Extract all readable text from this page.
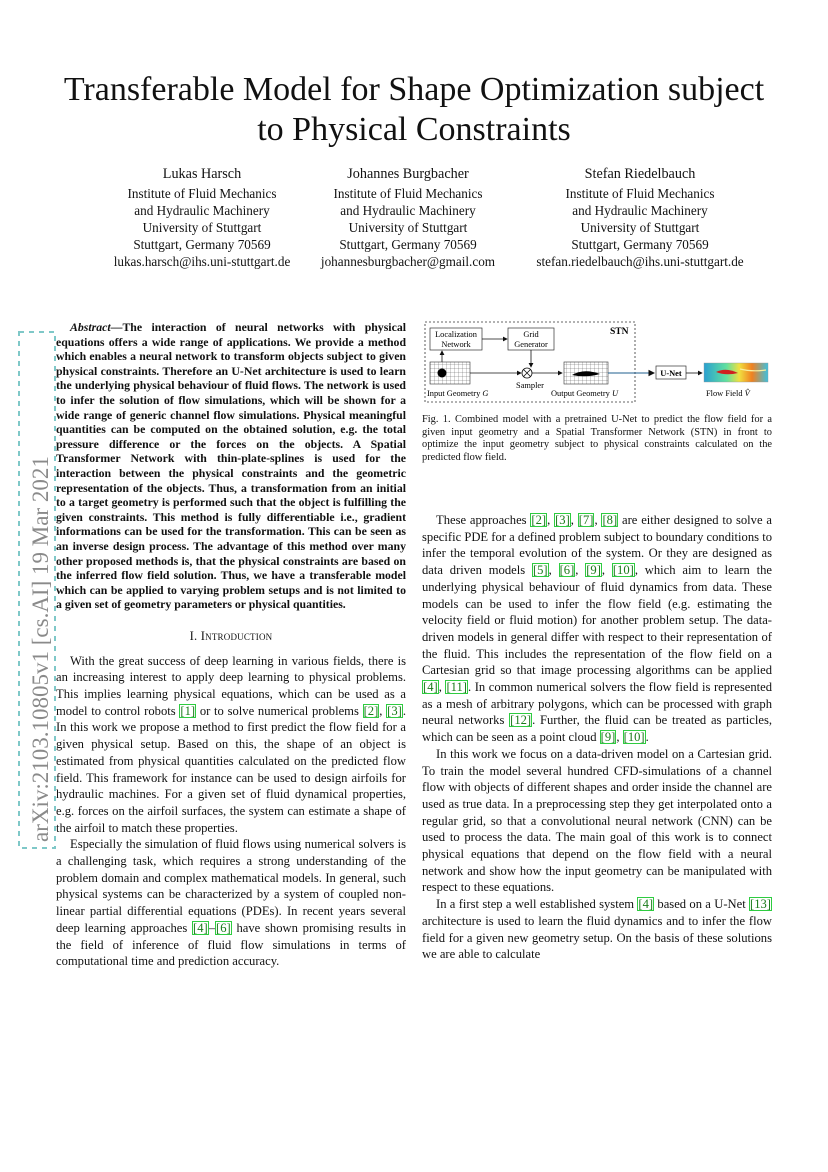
arXiv:2103.10805v1 [cs.AI] 19 Mar 2021
Transferable Model for Shape Optimization subject
to Physical Constraints
Lukas Harsch
Institute of Fluid Mechanics
and Hydraulic Machinery
University of Stuttgart
Stuttgart, Germany 70569
lukas.harsch@ihs.uni-stuttgart.de
Johannes Burgbacher
Institute of Fluid Mechanics
and Hydraulic Machinery
University of Stuttgart
Stuttgart, Germany 70569
johannesburgbacher@gmail.com
Stefan Riedelbauch
Institute of Fluid Mechanics
and Hydraulic Machinery
University of Stuttgart
Stuttgart, Germany 70569
stefan.riedelbauch@ihs.uni-stuttgart.de

Abstract—The interaction of neural networks with physical equations offers a wide range of applications. We provide a method which enables a neural network to transform objects subject to given physical constraints. Therefore an U-Net architecture is used to learn the underlying physical behaviour of fluid flows. The network is used to infer the solution of flow simulations, which will be shown for a wide range of generic channel flow simulations. Physical meaningful quantities can be computed on the obtained solution, e.g. the total pressure difference or the forces on the objects. A Spatial Transformer Network with thin-plate-splines is used for the interaction between the physical constraints and the geometric representation of the objects. Thus, a transformation from an initial to a target geometry is performed such that the object is fulfilling the given constraints. This method is fully differentiable i.e., gradient informations can be used for the transformation. This can be seen as an inverse design process. The advantage of this method over many other proposed methods is, that the physical constraints are based on the inferred flow field solution. Thus, we have a transferable model which can be applied to varying problem setups and is not limited to a given set of geometry parameters or physical quantities.

I. Introduction

With the great success of deep learning in various fields, there is an increasing interest to apply deep learning to physical problems. This implies learning physical equations, which can be used as a model to control robots [1] or to solve numerical problems [2], [3]. In this work we propose a method to first predict the flow field for a given physical setup. Based on this, the shape of an object is estimated from physical quantities calculated on the predicted flow field. This framework for instance can be used to design airfoils for hydraulic machines. For a given set of fluid dynamical properties, e.g. forces on the airfoil surfaces, the system can estimate a shape of the airfoil to match these properties.

Especially the simulation of fluid flows using numerical solvers is a challenging task, which requires a strong understanding of the problem domain and complex mathematical models. In general, such physical systems can be characterized by a system of coupled non-linear partial differential equations (PDEs). In recent years several deep learning approaches [4]–[6] have shown promising results in the field of inference of fluid flow simulations in terms of computational time and prediction accuracy.

STN
Localization
Network
Grid
Generator
Sampler
U-Net
Input Geometry G	Output Geometry U	Flow Field V̂

Fig. 1. Combined model with a pretrained U-Net to predict the flow field for a given input geometry and a Spatial Transformer Network (STN) in front to optimize the input geometry subject to physical constraints calculated on the predicted flow field.

These approaches [2], [3], [7], [8] are either designed to solve a specific PDE for a defined problem subject to boundary conditions to infer the temporal evolution of the system. Or they are designed as data driven models [5], [6], [9], [10], which aim to learn the underlying physical behaviour of fluid dynamics from data. These models can be used to infer the flow field (e.g. estimating the velocity field or fluid motion) for another problem setup. The data-driven models in general differ with respect to their representation of the fluid. This includes the representation of the flow field on a Cartesian grid so that image processing algorithms can be applied [4], [11]. In common numerical solvers the flow field is represented as a mesh of arbitrary polygons, which can be processed with graph neural networks [12]. Further, the fluid can be treated as particles, which can be seen as a point cloud [9], [10].

In this work we focus on a data-driven model on a Cartesian grid. To train the model several hundred CFD-simulations of a channel flow with objects of different shapes and order inside the channel are used as true data. In a preprocessing step they get interpolated onto a regular grid, so that a convolutional neural network (CNN) can be used to process the data. The main goal of this work is to connect physical equations that depend on the flow field with a neural network and show how the input geometry can be manipulated with respect to these equations.

In a first step a well established system [4] based on a U-Net [13] architecture is used to learn the fluid dynamics and to infer the flow field for a given new geometry setup. On the basis of these solutions we are able to calculate
